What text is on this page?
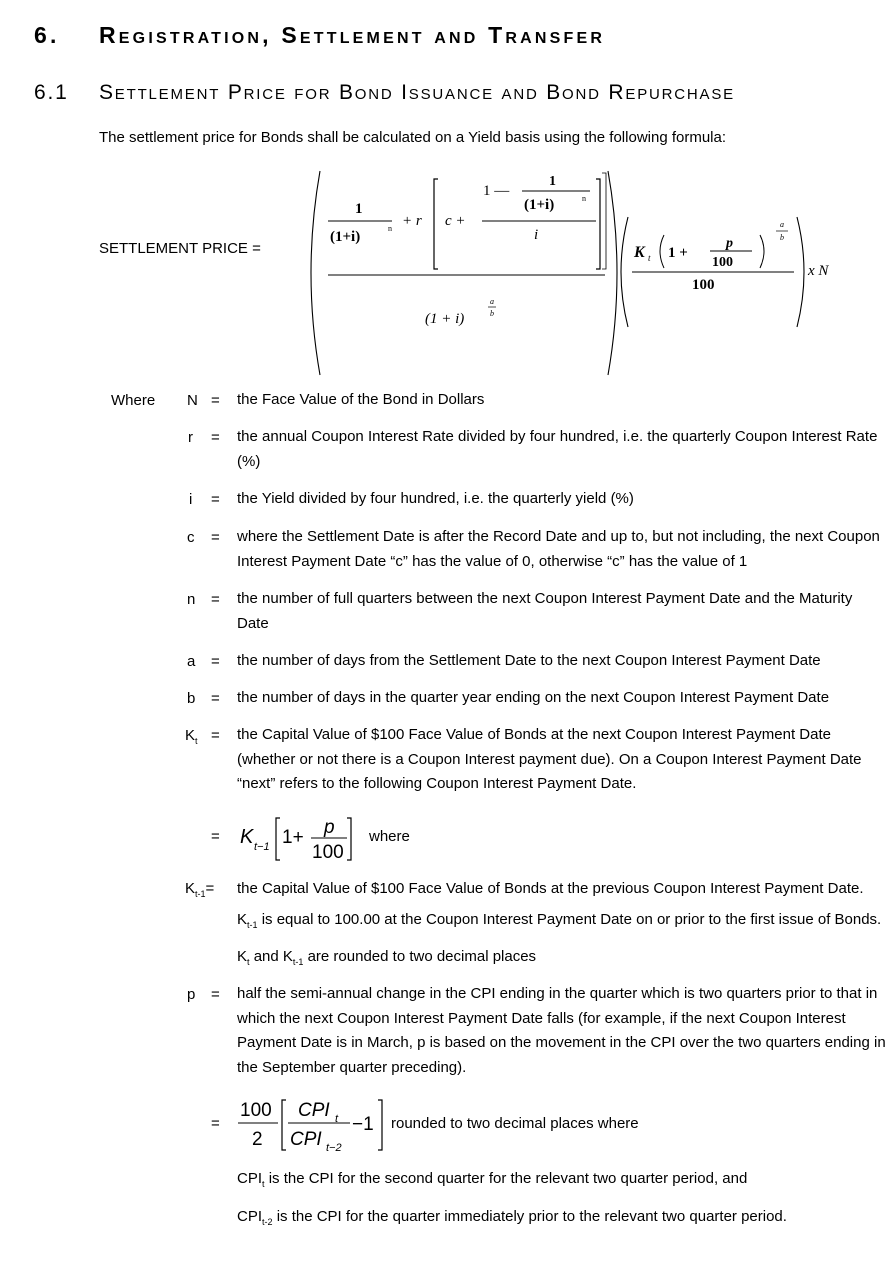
6. Registration, Settlement and Transfer
6.1 Settlement Price for Bond Issuance and Bond Repurchase
The settlement price for Bonds shall be calculated on a Yield basis using the following formula:
SETTLEMENT PRICE =
1
(1+i)
n + r c +
1 —
1
(1+i)	n
i
(1 + i)
a
b
K t 1 +
p
100
a
b
100
x N
Where N = the Face Value of the Bond in Dollars
r = the annual Coupon Interest Rate divided by four hundred, i.e. the quarterly Coupon Interest Rate (%)
i = the Yield divided by four hundred, i.e. the quarterly yield (%)
c = where the Settlement Date is after the Record Date and up to, but not including, the next Coupon Interest Payment Date “c” has the value of 0, otherwise “c” has the value of 1
n = the number of full quarters between the next Coupon Interest Payment Date and the Maturity Date
a = the number of days from the Settlement Date to the next Coupon Interest Payment Date
b = the number of days in the quarter year ending on the next Coupon Interest Payment Date
$K_t$ = the Capital Value of $100 Face Value of Bonds at the next Coupon Interest Payment Date (whether or not there is a Coupon Interest payment due). On a Coupon Interest Payment Date “next” refers to the following Coupon Interest Payment Date.
= K t−1 1+ p
100
where
$K_{t-1}=$ the Capital Value of $100 Face Value of Bonds at the previous Coupon Interest Payment Date.
$K_{t-1}$ is equal to 100.00 at the Coupon Interest Payment Date on or prior to the first issue of Bonds.
$K_t$ and $K_{t-1}$ are rounded to two decimal places
p = half the semi-annual change in the CPI ending in the quarter which is two quarters prior to that in which the next Coupon Interest Payment Date falls (for example, if the next Coupon Interest Payment Date is in March, p is based on the movement in the CPI over the two quarters ending in the September quarter preceding).
=
100
2
CPI t
CPI t−2
−1 rounded to two decimal places where
$CPI_t$ is the CPI for the second quarter for the relevant two quarter period, and
$CPI_{t-2}$ is the CPI for the quarter immediately prior to the relevant two quarter period.
